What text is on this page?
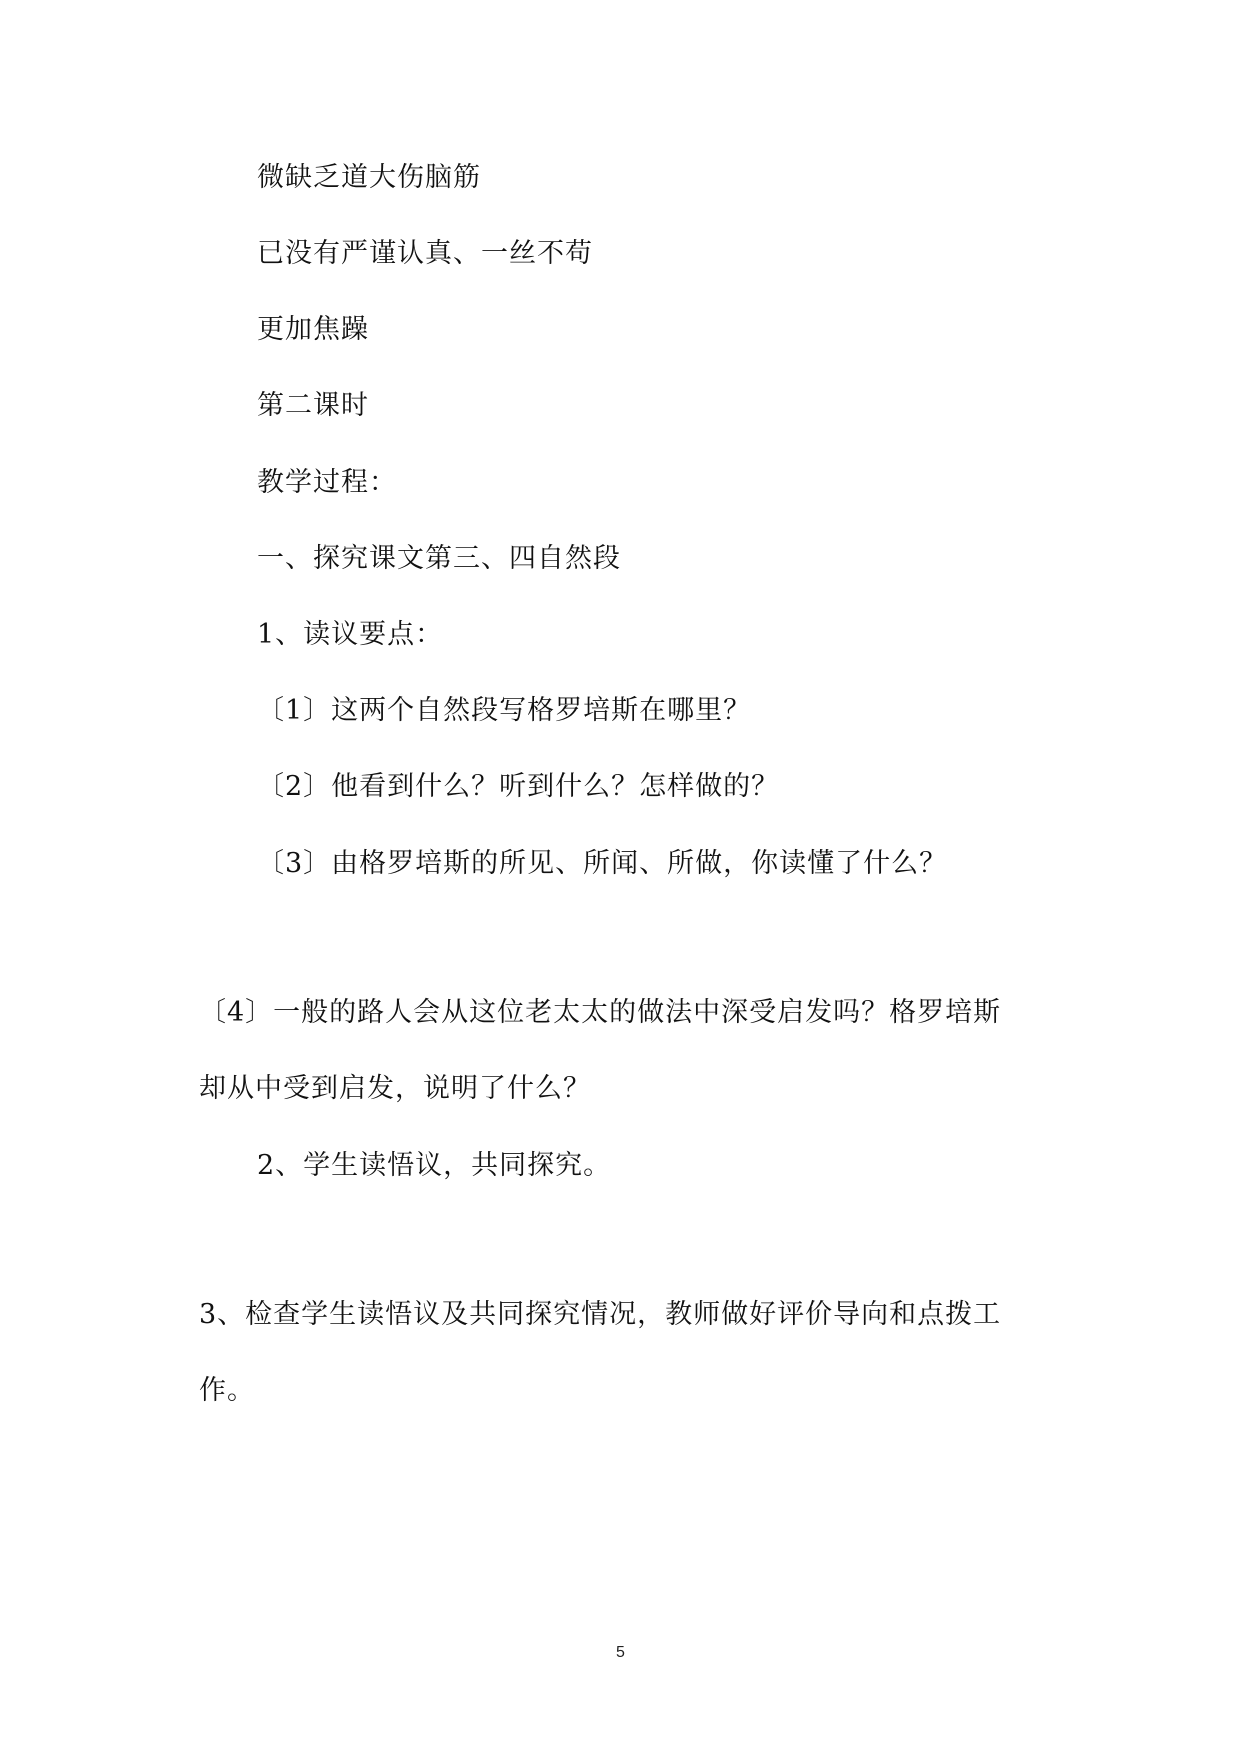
微缺乏道大伤脑筋
已没有严谨认真、一丝不苟
更加焦躁
第二课时
教学过程：
一、探究课文第三、四自然段
1、读议要点：
〔1〕这两个自然段写格罗培斯在哪里？
〔2〕他看到什么？听到什么？怎样做的？
〔3〕由格罗培斯的所见、所闻、所做，你读懂了什么？
〔4〕一般的路人会从这位老太太的做法中深受启发吗？格罗培斯
却从中受到启发，说明了什么？
2、学生读悟议，共同探究。
3、检查学生读悟议及共同探究情况，教师做好评价导向和点拨工
作。
5
